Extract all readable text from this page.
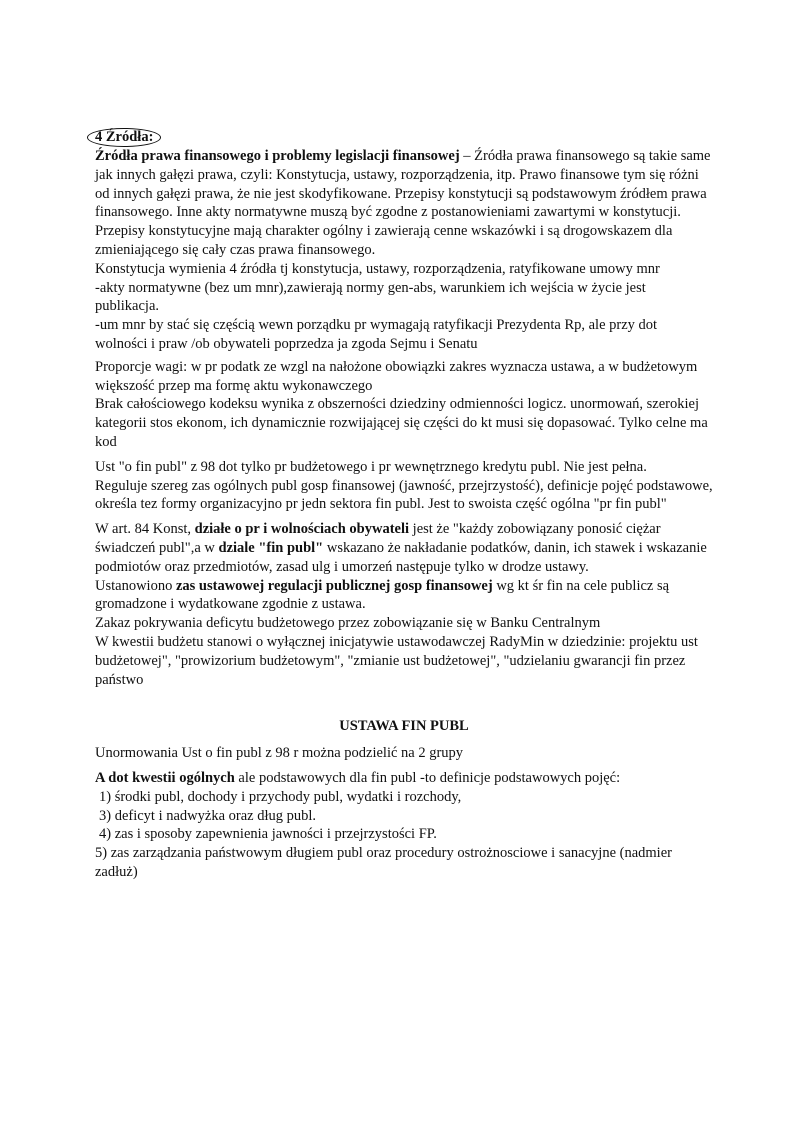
4 Źródła:

Źródła prawa finansowego i problemy legislacji finansowej – Źródła prawa finansowego są takie same jak innych gałęzi prawa, czyli: Konstytucja, ustawy, rozporządzenia, itp. Prawo finansowe tym się różni od innych gałęzi prawa, że nie jest skodyfikowane. Przepisy konstytucji są podstawowym źródłem prawa finansowego. Inne akty normatywne muszą być zgodne z postanowieniami zawartymi w konstytucji. Przepisy konstytucyjne mają charakter ogólny i zawierają cenne wskazówki i są drogowskazem dla zmieniającego się cały czas prawa finansowego.

Konstytucja wymienia 4 źródła tj konstytucja, ustawy, rozporządzenia, ratyfikowane umowy mnr

-akty normatywne (bez um mnr),zawierają normy gen-abs, warunkiem ich wejścia w życie jest publikacja.

-um mnr by stać się częścią wewn porządku pr wymagają ratyfikacji Prezydenta Rp, ale przy dot

wolności i praw /ob obywateli poprzedza ja zgoda Sejmu i Senatu

Proporcje wagi: w pr podatk ze wzgl na nałożone obowiązki zakres wyznacza ustawa, a w budżetowym

większość przep ma formę aktu wykonawczego

Brak całościowego kodeksu wynika z obszerności dziedziny odmienności logicz. unormowań, szerokiej kategorii stos ekonom, ich dynamicznie rozwijającej się części do kt musi się dopasować. Tylko celne ma kod

Ust "o fin publ" z 98 dot tylko pr budżetowego i pr wewnętrznego kredytu publ. Nie jest pełna.

Reguluje szereg zas ogólnych publ gosp finansowej (jawność, przejrzystość), definicje pojęć podstawowe, określa tez formy organizacyjno pr jedn sektora fin publ. Jest to swoista część ogólna "pr fin publ"

W art. 84 Konst, działe o pr i wolnościach obywateli jest że "każdy zobowiązany ponosić ciężar świadczeń publ",a w dziale "fin publ" wskazano że nakładanie podatków, danin, ich stawek i wskazanie podmiotów oraz przedmiotów, zasad ulg i umorzeń następuje tylko w drodze ustawy.

Ustanowiono zas ustawowej regulacji publicznej gosp finansowej wg kt śr fin na cele publicz są gromadzone i wydatkowane zgodnie z ustawa.

Zakaz pokrywania deficytu budżetowego przez zobowiązanie się w Banku Centralnym

W kwestii budżetu stanowi o wyłącznej inicjatywie ustawodawczej RadyMin w dziedzinie: projektu ust

budżetowej", "prowizorium budżetowym", "zmianie ust budżetowej", "udzielaniu gwarancji fin przez państwo

USTAWA FIN PUBL

Unormowania Ust o fin publ z 98 r można podzielić na 2 grupy

A dot kwestii ogólnych ale podstawowych dla fin publ -to definicje podstawowych pojęć:

1) środki publ, dochody i przychody publ, wydatki i rozchody,

3) deficyt i nadwyżka oraz dług publ.

4) zas i sposoby zapewnienia jawności i przejrzystości FP.

5) zas zarządzania państwowym długiem publ oraz procedury ostrożnosciowe i sanacyjne (nadmier zadłuż)
